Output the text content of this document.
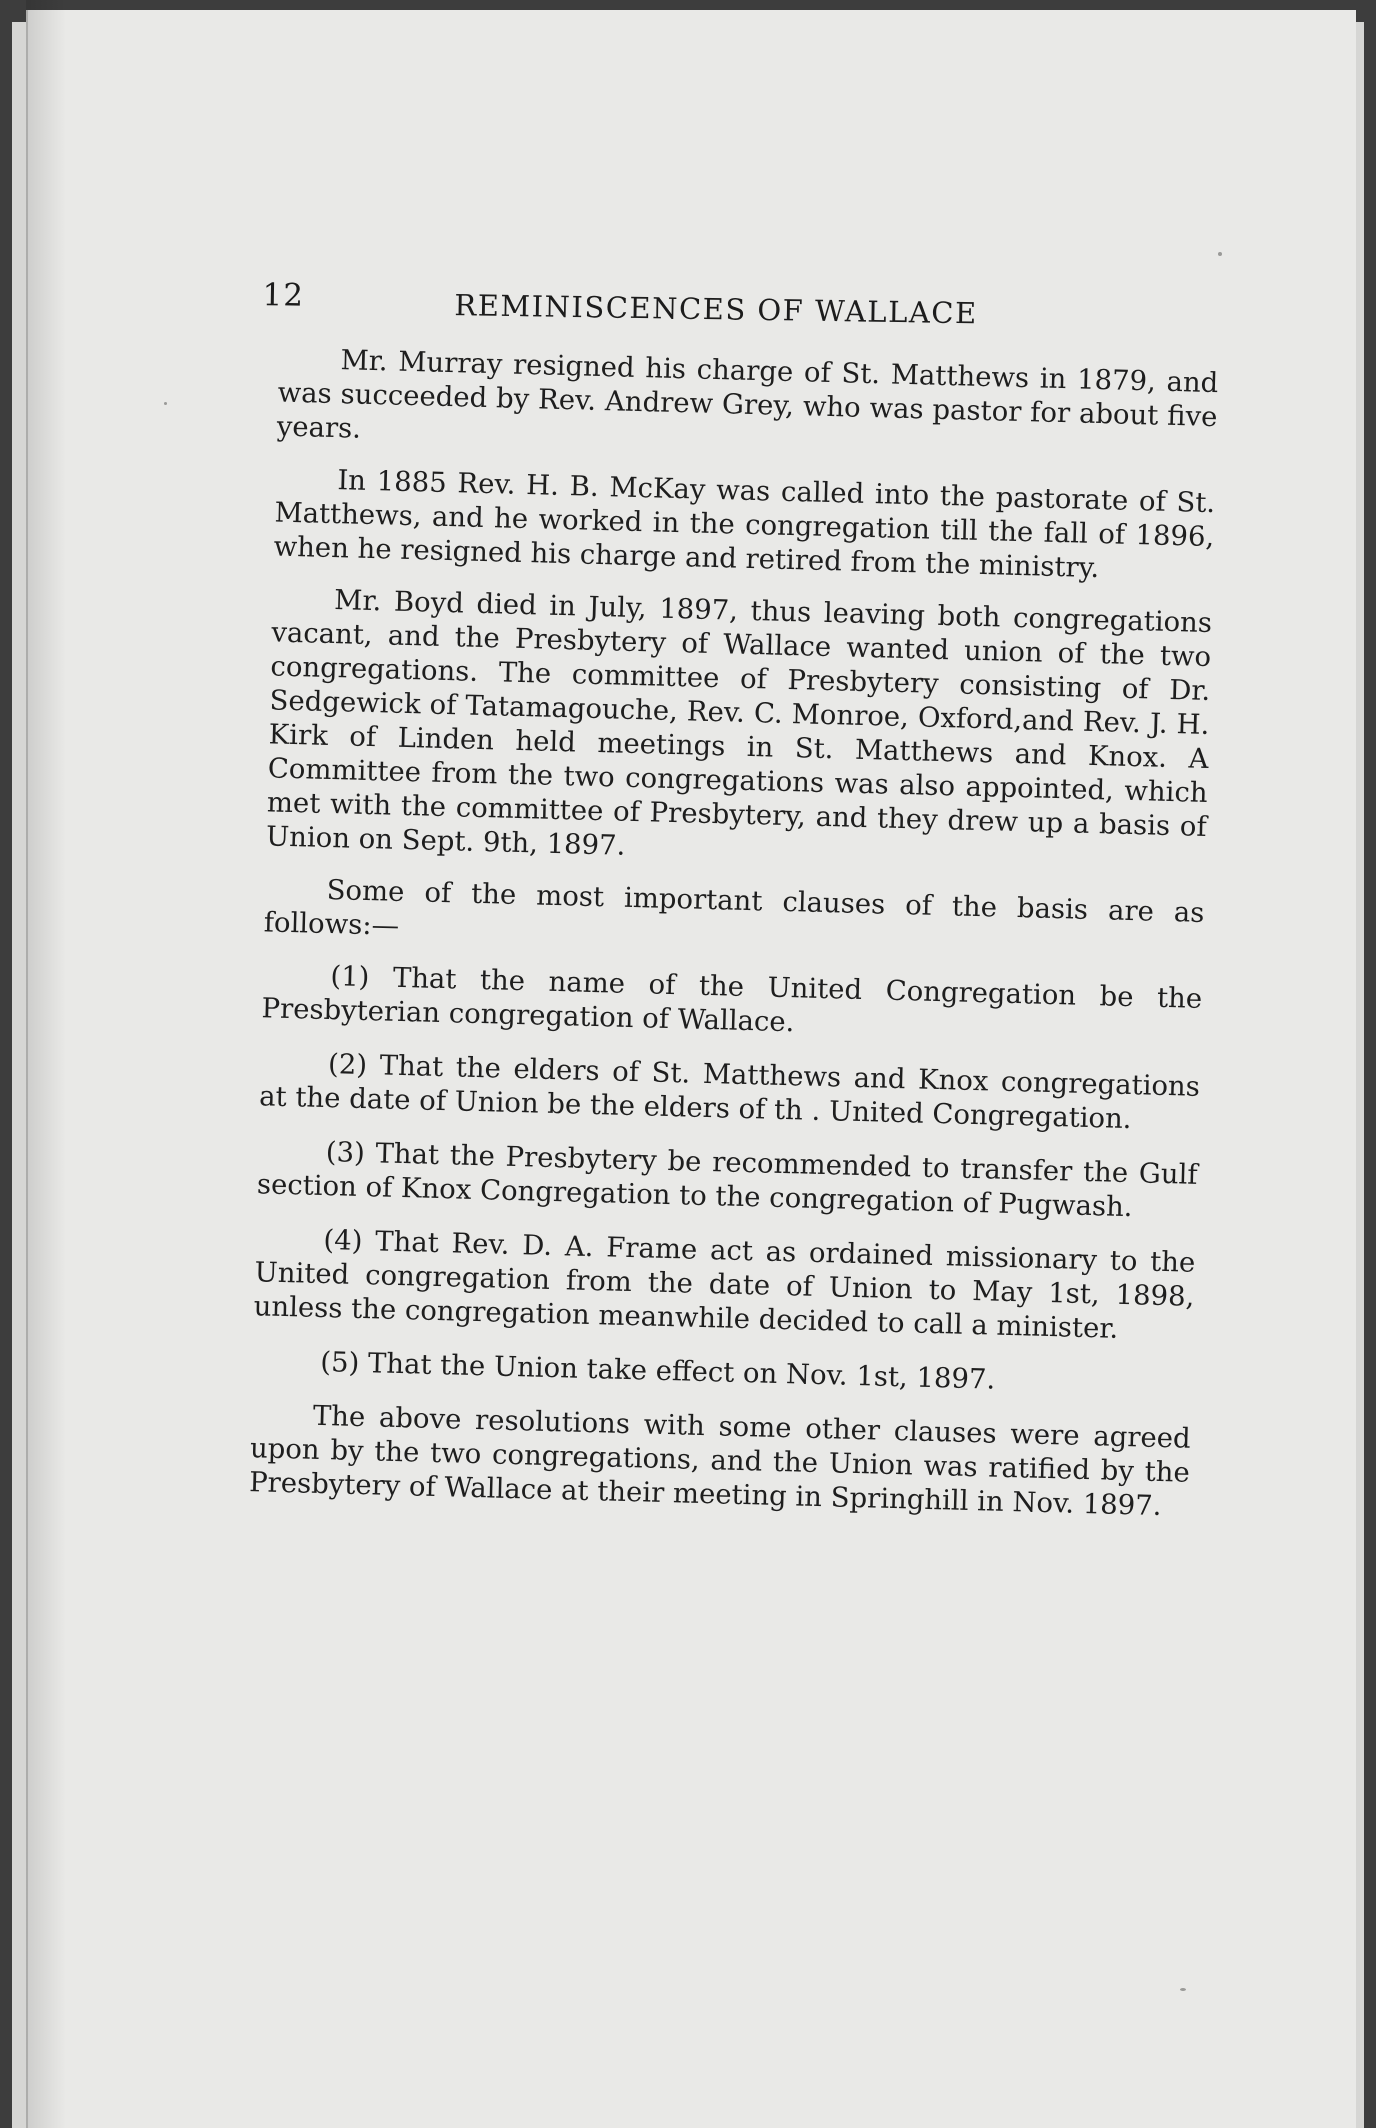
12	REMINISCENCES OF WALLACE

Mr. Murray resigned his charge of St. Matthews in 1879, and was succeeded by Rev. Andrew Grey, who was pastor for about five years.

In 1885 Rev. H. B. McKay was called into the pastorate of St. Matthews, and he worked in the congregation till the fall of 1896, when he resigned his charge and retired from the ministry.

Mr. Boyd died in July, 1897, thus leaving both congregations vacant, and the Presbytery of Wallace wanted union of the two congregations. The committee of Presbytery consisting of Dr. Sedgewick of Tatamagouche, Rev. C. Monroe, Oxford,and Rev. J. H. Kirk of Linden held meetings in St. Matthews and Knox. A Committee from the two congregations was also appointed, which met with the committee of Presbytery, and they drew up a basis of Union on Sept. 9th, 1897.

Some of the most important clauses of the basis are as follows:—

(1) That the name of the United Congregation be the Presbyterian congregation of Wallace.

(2) That the elders of St. Matthews and Knox congregations at the date of Union be the elders of th . United Congregation.

(3) That the Presbytery be recommended to transfer the Gulf section of Knox Congregation to the congregation of Pugwash.

(4) That Rev. D. A. Frame act as ordained missionary to the United congregation from the date of Union to May 1st, 1898, unless the congregation meanwhile decided to call a minister.

(5) That the Union take effect on Nov. 1st, 1897.

The above resolutions with some other clauses were agreed upon by the two congregations, and the Union was ratified by the Presbytery of Wallace at their meeting in Springhill in Nov. 1897.
